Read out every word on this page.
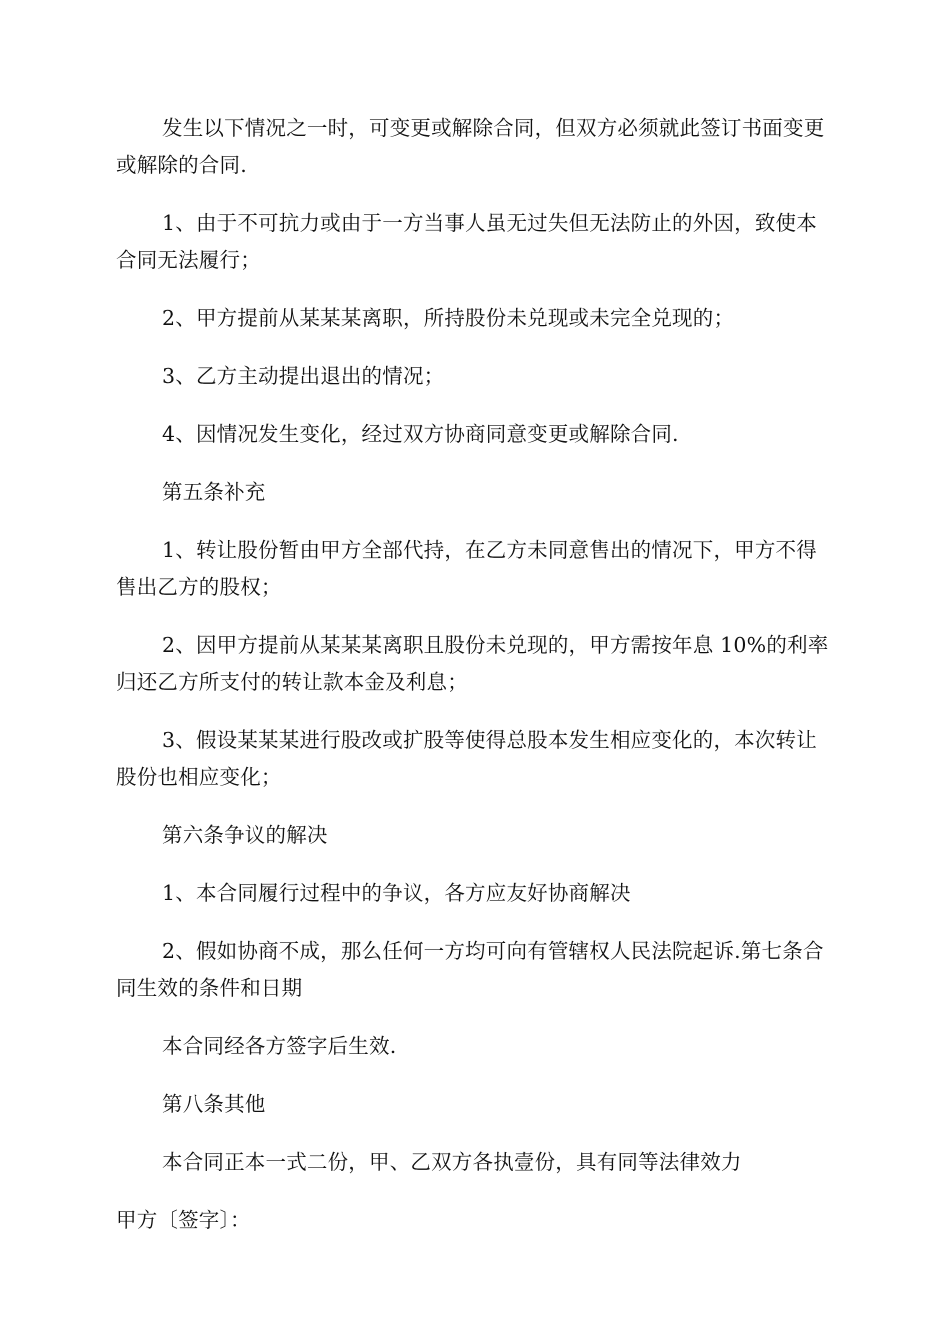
发生以下情况之一时，可变更或解除合同，但双方必须就此签订书面变更或解除的合同.

1、由于不可抗力或由于一方当事人虽无过失但无法防止的外因，致使本合同无法履行；

2、甲方提前从某某某离职，所持股份未兑现或未完全兑现的；

3、乙方主动提出退出的情况；

4、因情况发生变化，经过双方协商同意变更或解除合同.

第五条补充

1、转让股份暂由甲方全部代持，在乙方未同意售出的情况下，甲方不得售出乙方的股权；

2、因甲方提前从某某某离职且股份未兑现的，甲方需按年息 10%的利率归还乙方所支付的转让款本金及利息；

3、假设某某某进行股改或扩股等使得总股本发生相应变化的，本次转让股份也相应变化；

第六条争议的解决

1、本合同履行过程中的争议，各方应友好协商解决

2、假如协商不成，那么任何一方均可向有管辖权人民法院起诉.第七条合同生效的条件和日期

本合同经各方签字后生效.

第八条其他

本合同正本一式二份，甲、乙双方各执壹份，具有同等法律效力

甲方〔签字〕：
